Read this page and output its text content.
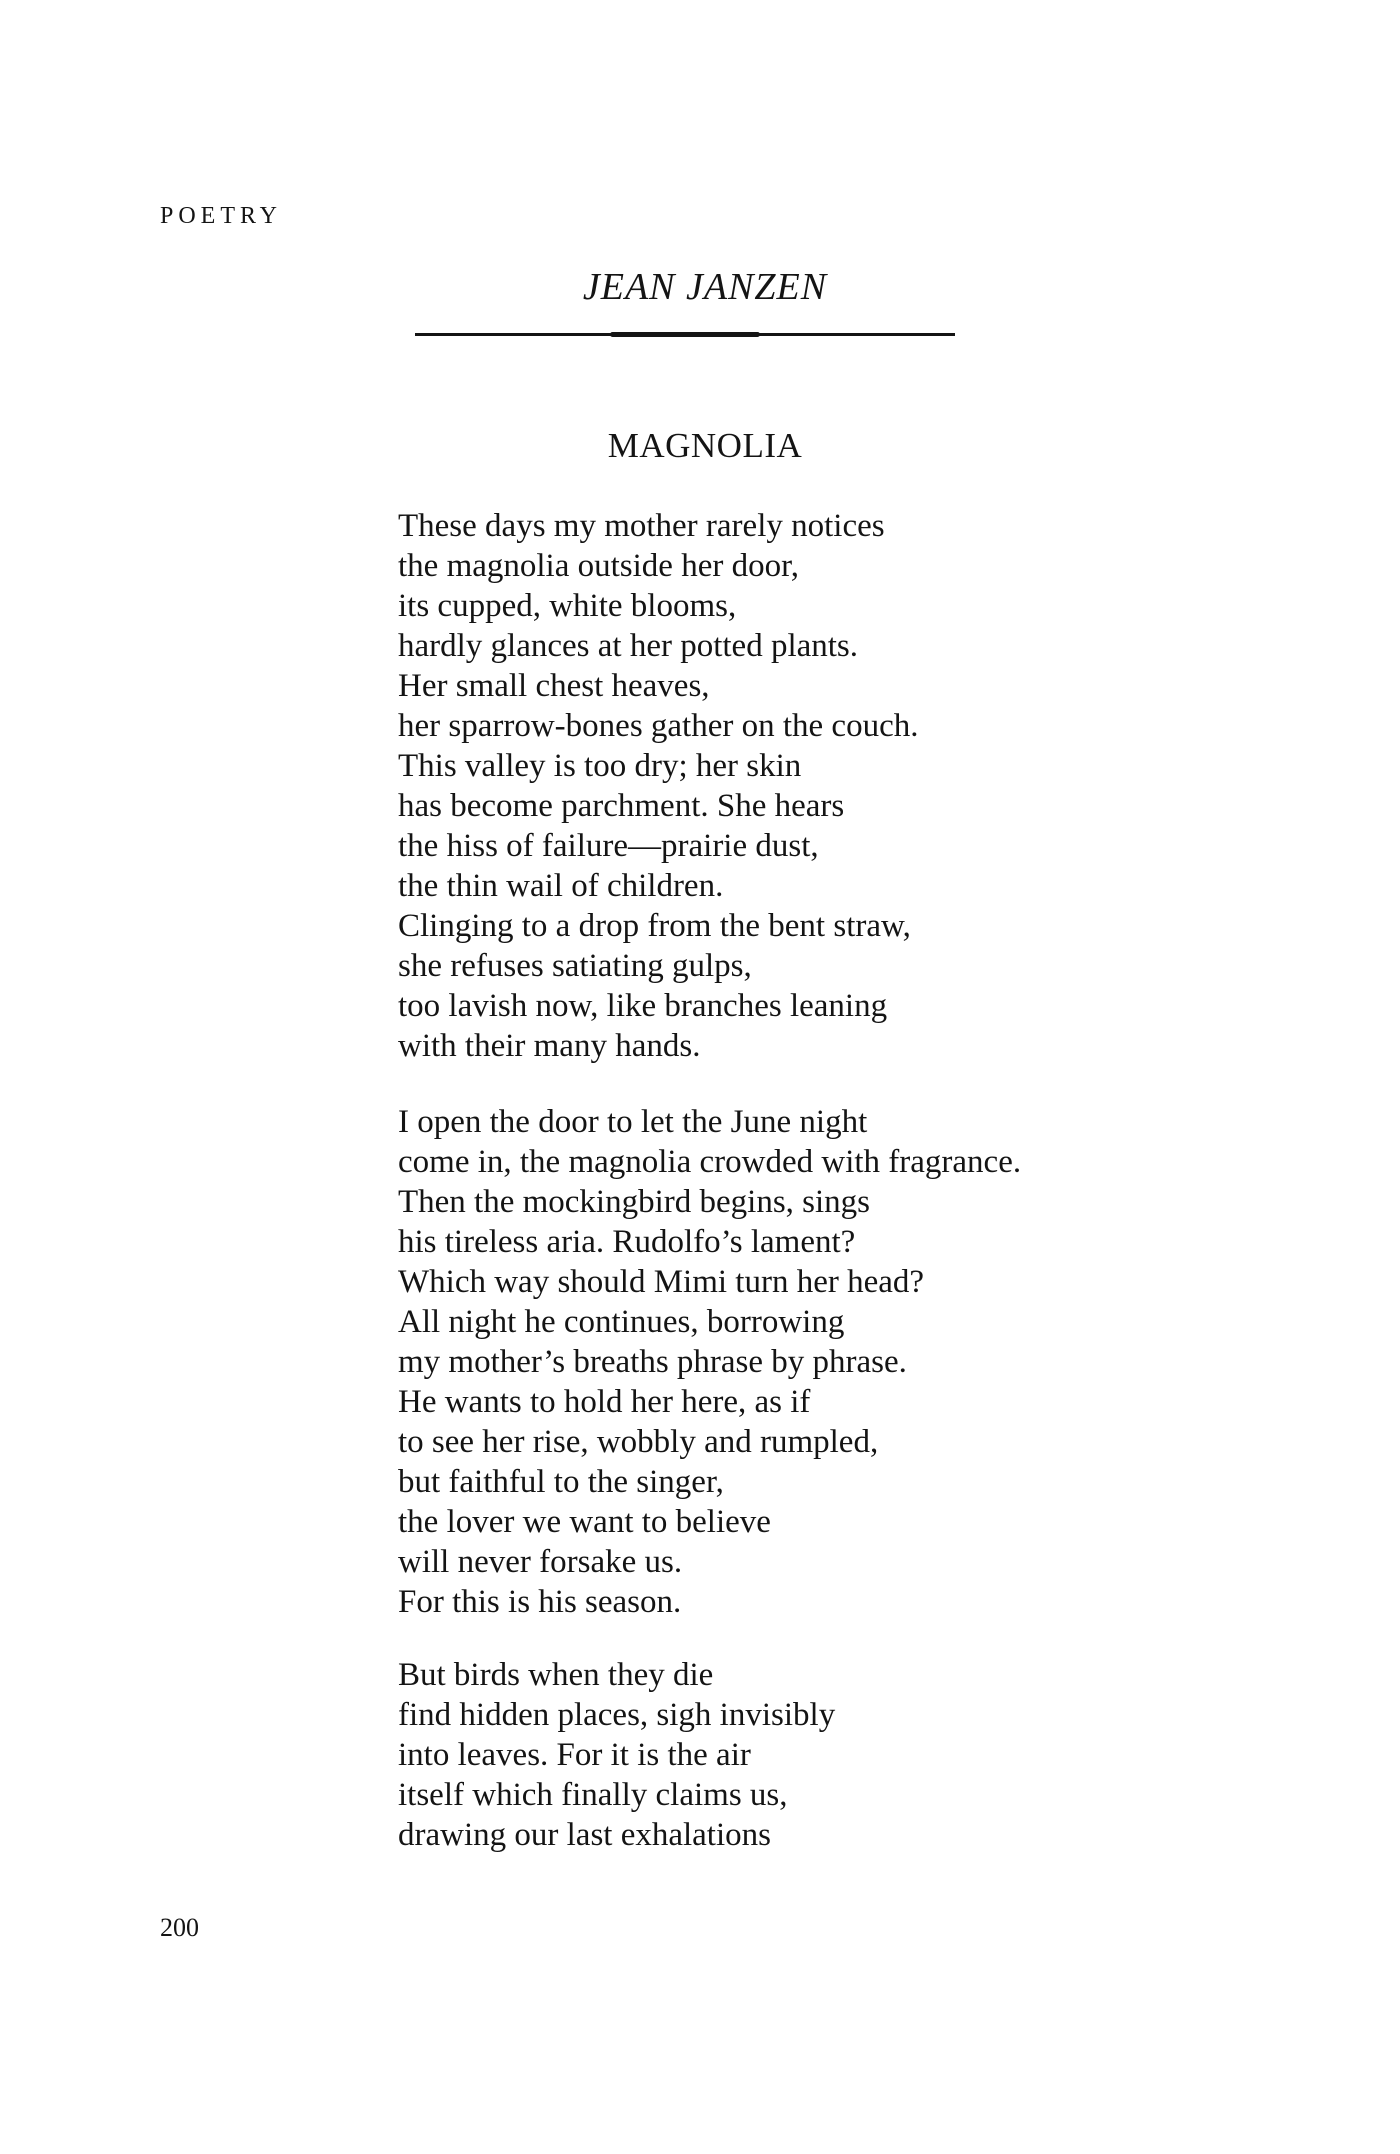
POETRY
JEAN JANZEN
MAGNOLIA
These days my mother rarely notices
the magnolia outside her door,
its cupped, white blooms,
hardly glances at her potted plants.
Her small chest heaves,
her sparrow-bones gather on the couch.
This valley is too dry; her skin
has become parchment. She hears
the hiss of failure—prairie dust,
the thin wail of children.
Clinging to a drop from the bent straw,
she refuses satiating gulps,
too lavish now, like branches leaning
with their many hands.
I open the door to let the June night
come in, the magnolia crowded with fragrance.
Then the mockingbird begins, sings
his tireless aria. Rudolfo’s lament?
Which way should Mimi turn her head?
All night he continues, borrowing
my mother’s breaths phrase by phrase.
He wants to hold her here, as if
to see her rise, wobbly and rumpled,
but faithful to the singer,
the lover we want to believe
will never forsake us.
For this is his season.
But birds when they die
find hidden places, sigh invisibly
into leaves. For it is the air
itself which finally claims us,
drawing our last exhalations
200
